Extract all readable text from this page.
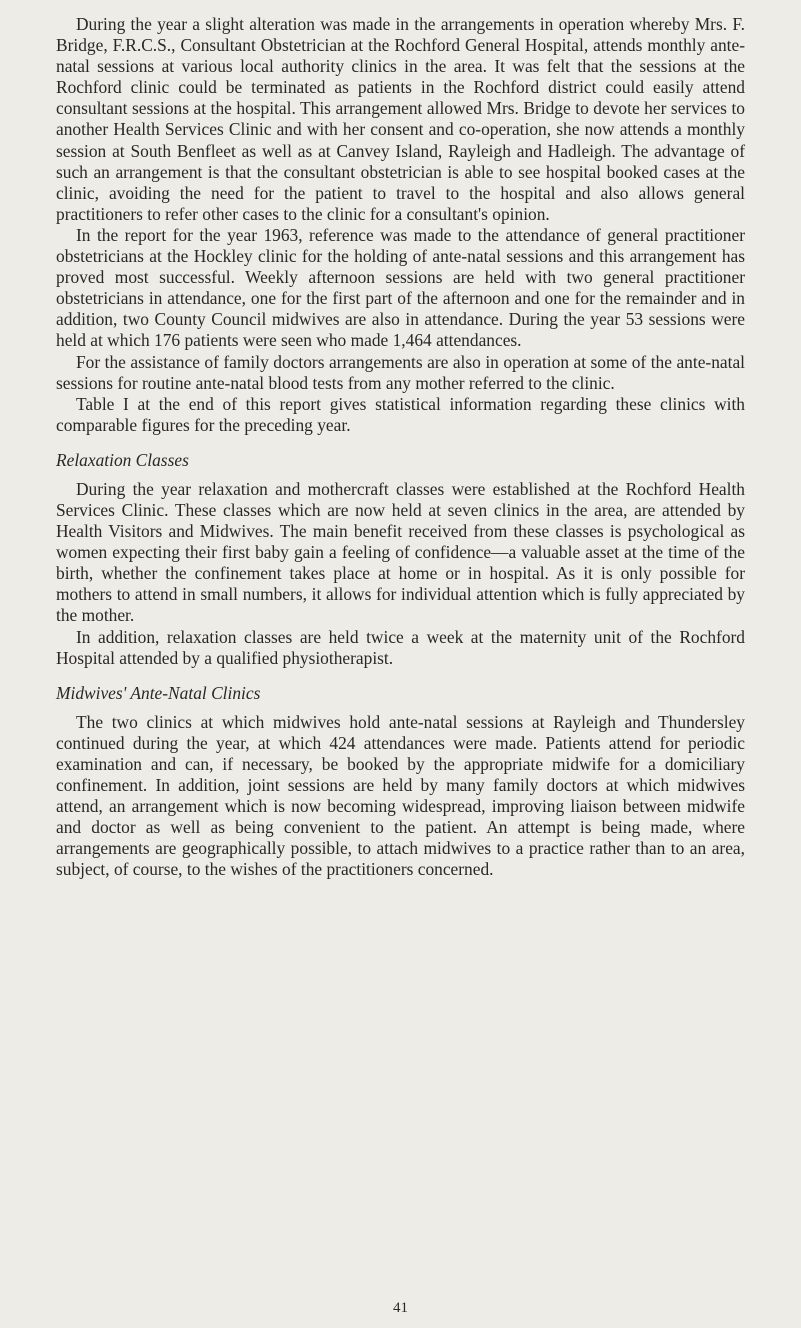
During the year a slight alteration was made in the arrangements in operation whereby Mrs. F. Bridge, F.R.C.S., Consultant Obstetrician at the Rochford General Hospital, attends monthly ante-natal sessions at various local authority clinics in the area. It was felt that the sessions at the Rochford clinic could be terminated as patients in the Rochford district could easily attend consultant sessions at the hospital. This arrangement allowed Mrs. Bridge to devote her services to another Health Services Clinic and with her consent and co-operation, she now attends a monthly session at South Benfleet as well as at Canvey Island, Rayleigh and Hadleigh. The advantage of such an arrangement is that the consultant obstetrician is able to see hospital booked cases at the clinic, avoiding the need for the patient to travel to the hospital and also allows general practitioners to refer other cases to the clinic for a consultant's opinion.

In the report for the year 1963, reference was made to the attendance of general practitioner obstetricians at the Hockley clinic for the holding of ante-natal sessions and this arrangement has proved most successful. Weekly afternoon sessions are held with two general practitioner obstetricians in attendance, one for the first part of the afternoon and one for the remainder and in addition, two County Council midwives are also in attendance. During the year 53 sessions were held at which 176 patients were seen who made 1,464 attendances.

For the assistance of family doctors arrangements are also in operation at some of the ante-natal sessions for routine ante-natal blood tests from any mother referred to the clinic.

Table I at the end of this report gives statistical information regarding these clinics with comparable figures for the preceding year.

Relaxation Classes

During the year relaxation and mothercraft classes were established at the Rochford Health Services Clinic. These classes which are now held at seven clinics in the area, are attended by Health Visitors and Midwives. The main benefit received from these classes is psychological as women expecting their first baby gain a feeling of confidence—a valuable asset at the time of the birth, whether the confinement takes place at home or in hospital. As it is only possible for mothers to attend in small numbers, it allows for individual attention which is fully appreciated by the mother.

In addition, relaxation classes are held twice a week at the maternity unit of the Rochford Hospital attended by a qualified physiotherapist.

Midwives' Ante-Natal Clinics

The two clinics at which midwives hold ante-natal sessions at Rayleigh and Thundersley continued during the year, at which 424 attendances were made. Patients attend for periodic examination and can, if necessary, be booked by the appropriate midwife for a domiciliary confinement. In addition, joint sessions are held by many family doctors at which midwives attend, an arrangement which is now becoming widespread, improving liaison between midwife and doctor as well as being convenient to the patient. An attempt is being made, where arrangements are geographically possible, to attach midwives to a practice rather than to an area, subject, of course, to the wishes of the practitioners concerned.

41
